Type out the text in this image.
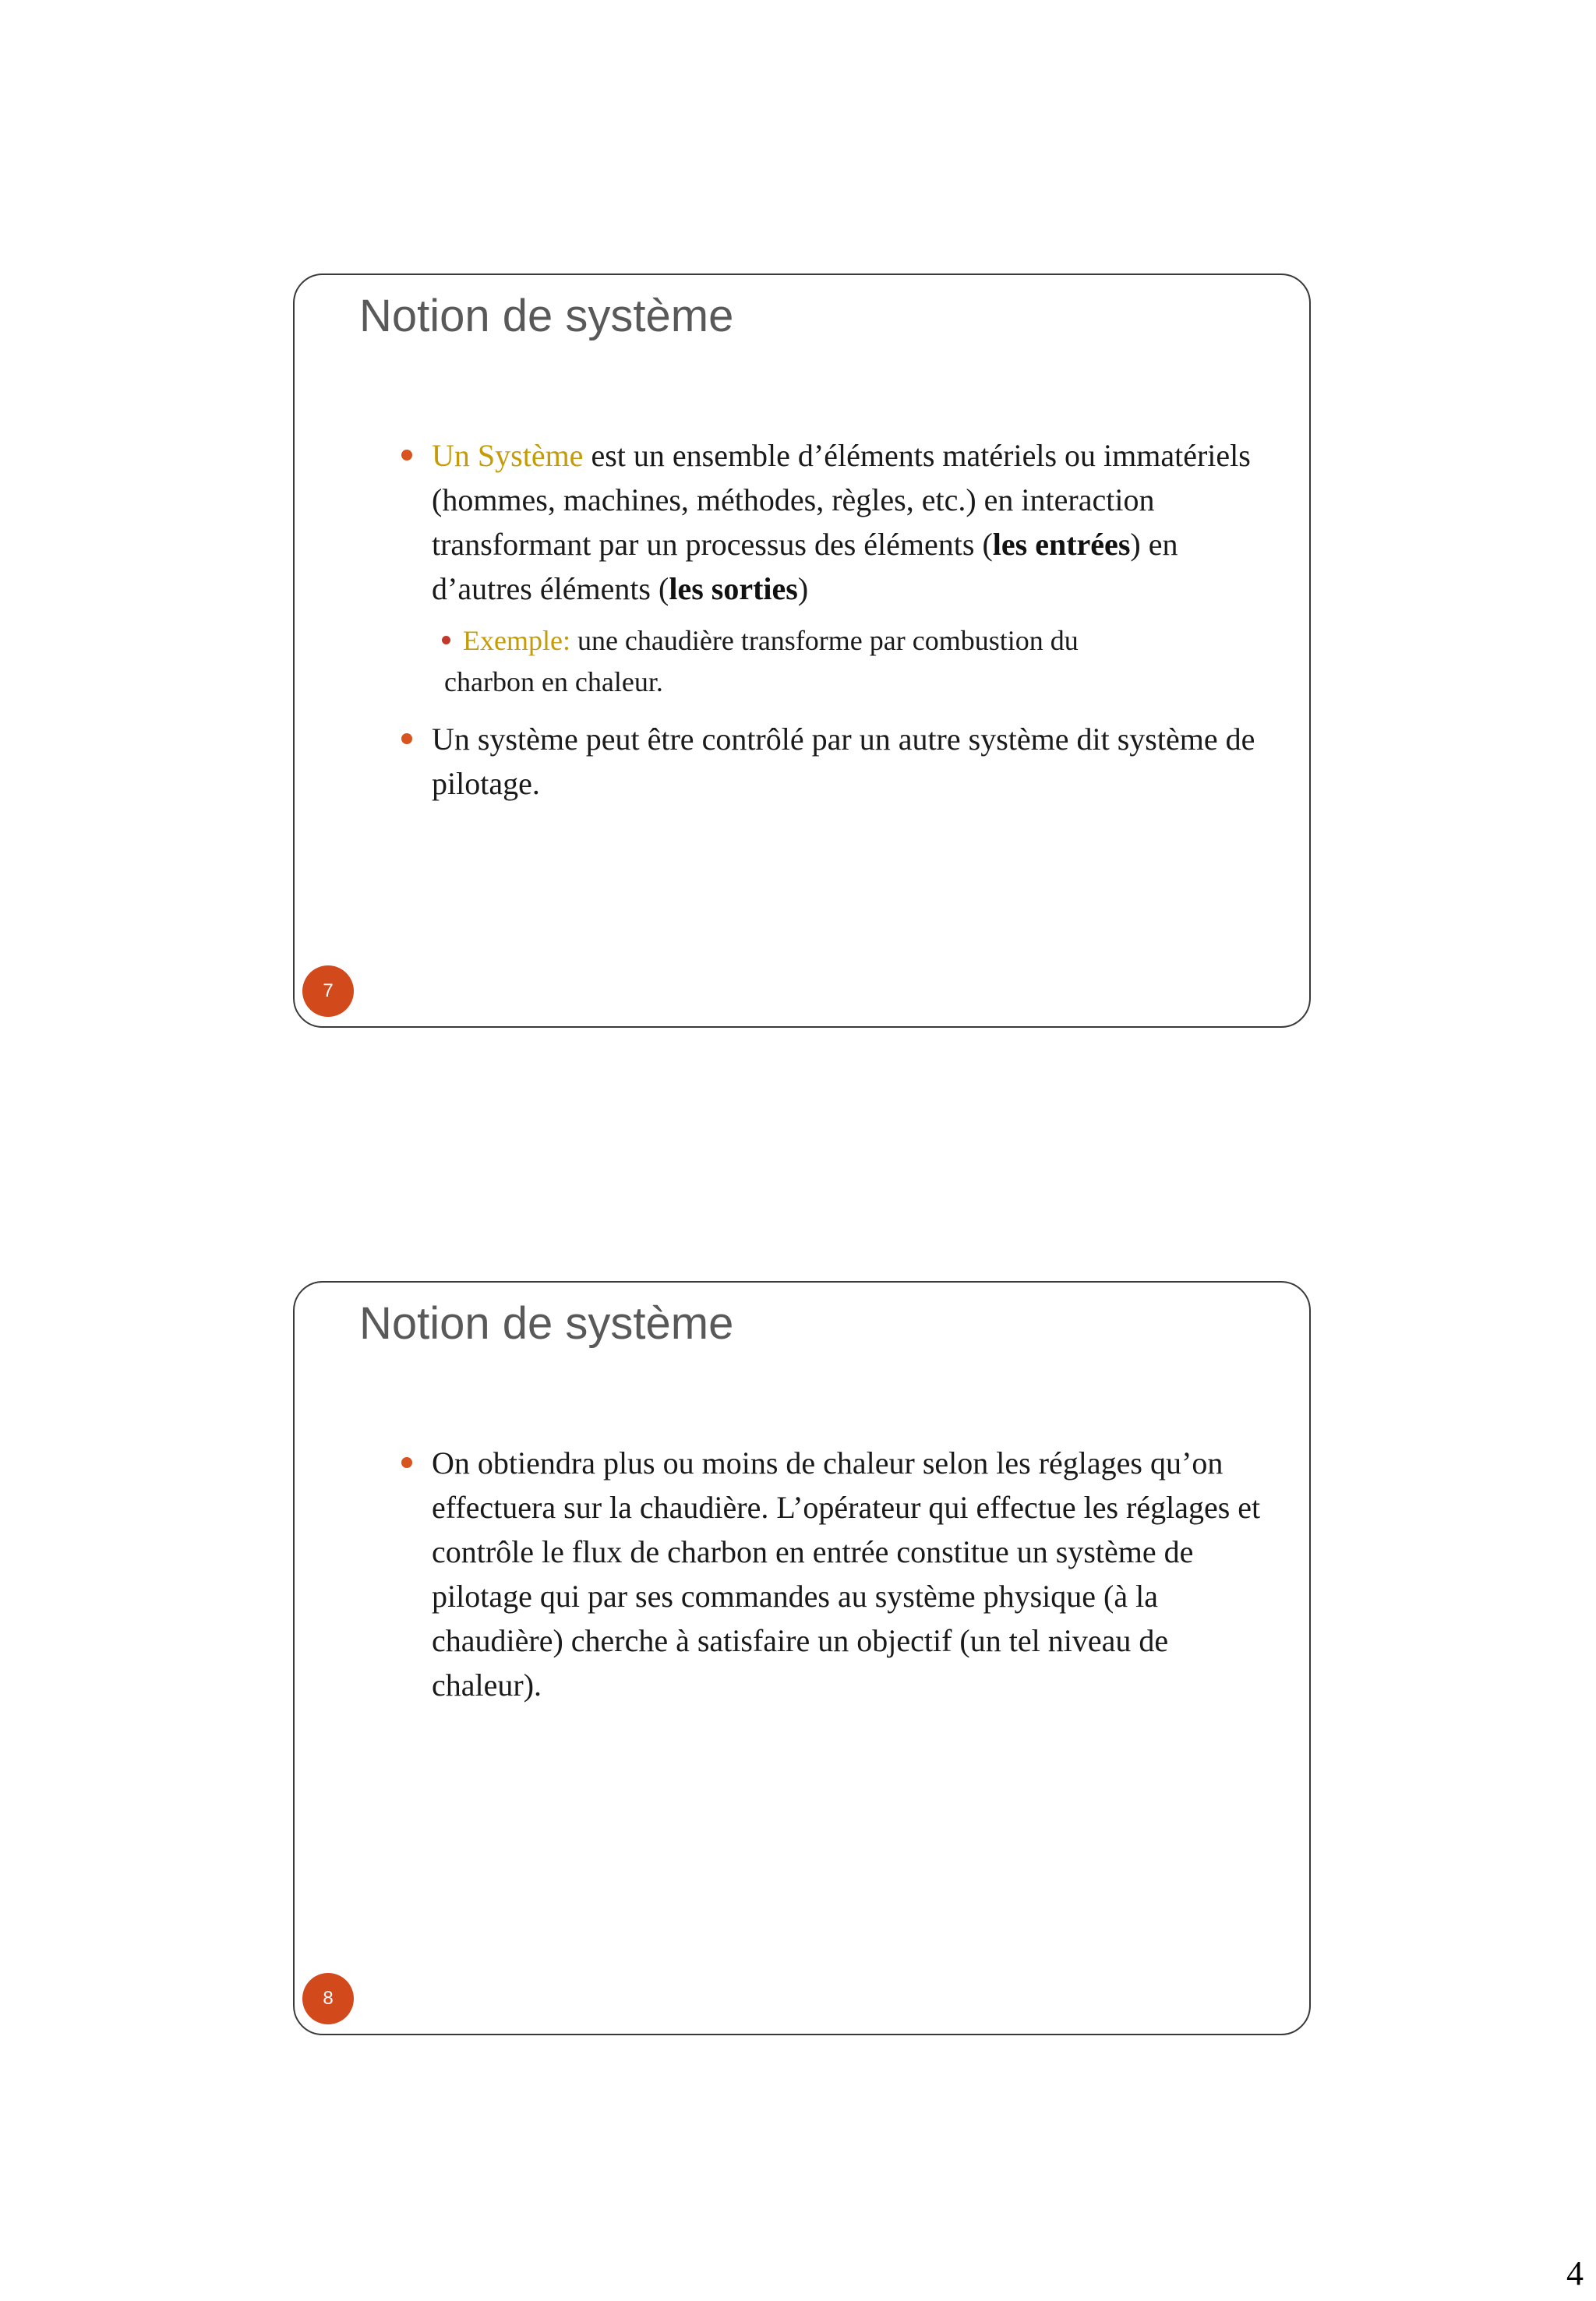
Notion de système

Un Système est un ensemble d’éléments matériels ou immatériels (hommes, machines, méthodes, règles, etc.) en interaction transformant par un processus des éléments (les entrées) en d’autres éléments (les sorties)

Exemple: une chaudière transforme par combustion du
charbon en chaleur.

Un système peut être contrôlé par un autre système dit système de pilotage.

7
Notion de système

On obtiendra plus ou moins de chaleur selon les réglages qu’on effectuera sur la chaudière. L’opérateur qui effectue les réglages et contrôle le flux de charbon en entrée constitue un système de pilotage qui par ses commandes au système physique (à la chaudière) cherche à satisfaire un objectif (un tel niveau de chaleur).

8
4
